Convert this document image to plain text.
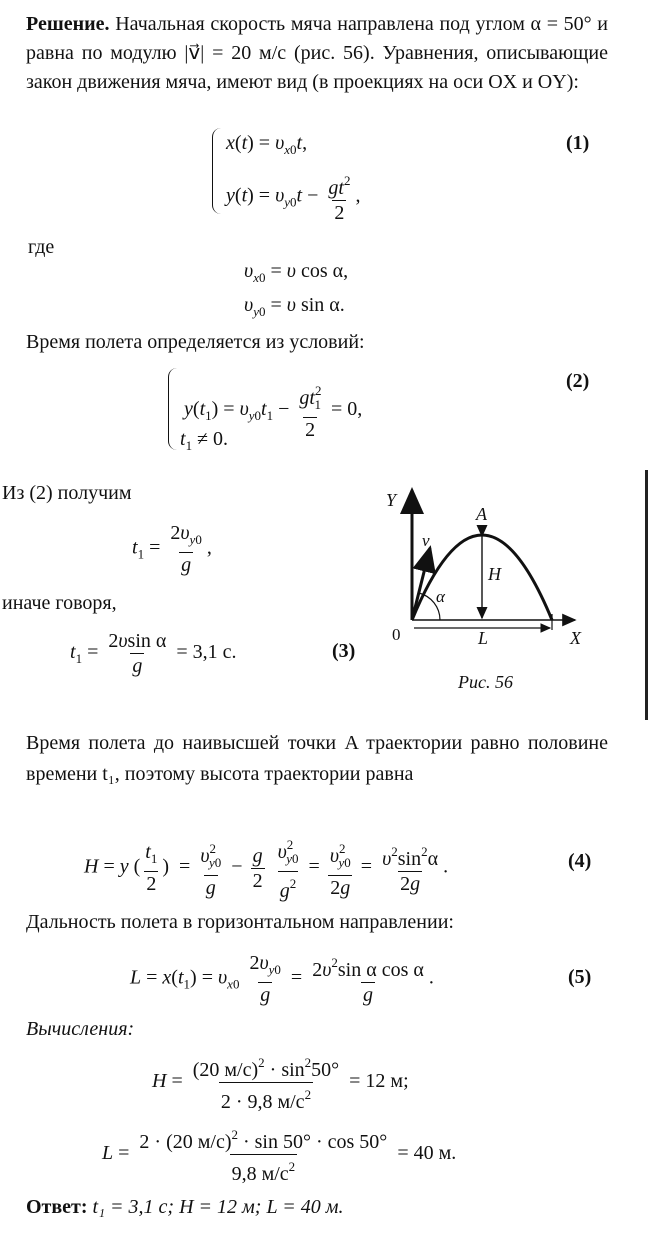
Решение. Начальная скорость мяча направлена под углом α = 50° и равна по модулю |v⃗| = 20 м/с (рис. 56). Уравнения, описывающие закон движения мяча, имеют вид (в проекциях на оси OX и OY):
$x(t) = \upsilon_{x0}t$,
$y(t) = \upsilon_{y0}t - \frac{gt^2}{2}$ ,
(1)
где
$\upsilon_{x0} = \upsilon$ cos α,
$\upsilon_{y0} = \upsilon$ sin α.
Время полета определяется из условий:
$y(t_1) = \upsilon_{y0}t_1 - \frac{gt^2_1}{2} = 0$,
$t_1 \ne 0$.
(2)
Из (2) получим
$t_1 = \frac{2\upsilon_{y0}}{g}$ ,
иначе говоря,
$t_1 = \frac{\text{2υsin α}}{g} = 3,1$ с.	(3)
Y
X
0
A
v⃗
α
H
L
Рис. 56
Время полета до наивысшей точки A траектории равно половине времени t₁, поэтому высота траектории равна
H = y ( $\frac{t_1}{2}$ )  = $\frac{\upsilon^2_{y0}}{g} - \frac{g}{2}$
$\frac{\upsilon^2_{y0}}{g^2} = \frac{\upsilon^2_{y0}}{2g} = \frac{\upsilon^2\sin^2\alpha}{2g}$ .	(4)
Дальность полета в горизонтальном направлении:
$L = x(t_1) = \upsilon_{x0} \frac{2\upsilon_{y0}}{g} = \frac{2\upsilon^2\sin \alpha \cos \alpha}{g}$ .	(5)
Вычисления:
$H = \frac{(20 м/с)^2 \cdot \sin^250^\circ}{2 \cdot 9,8 м/с^2} = 12$ м;
$L = \frac{2 \cdot (20 м/с)^2 \cdot \sin 50^\circ \cdot \cos 50^\circ}{9,8 м/с^2} = 40$ м.
Ответ: t₁ = 3,1 с; H = 12 м; L = 40 м.
